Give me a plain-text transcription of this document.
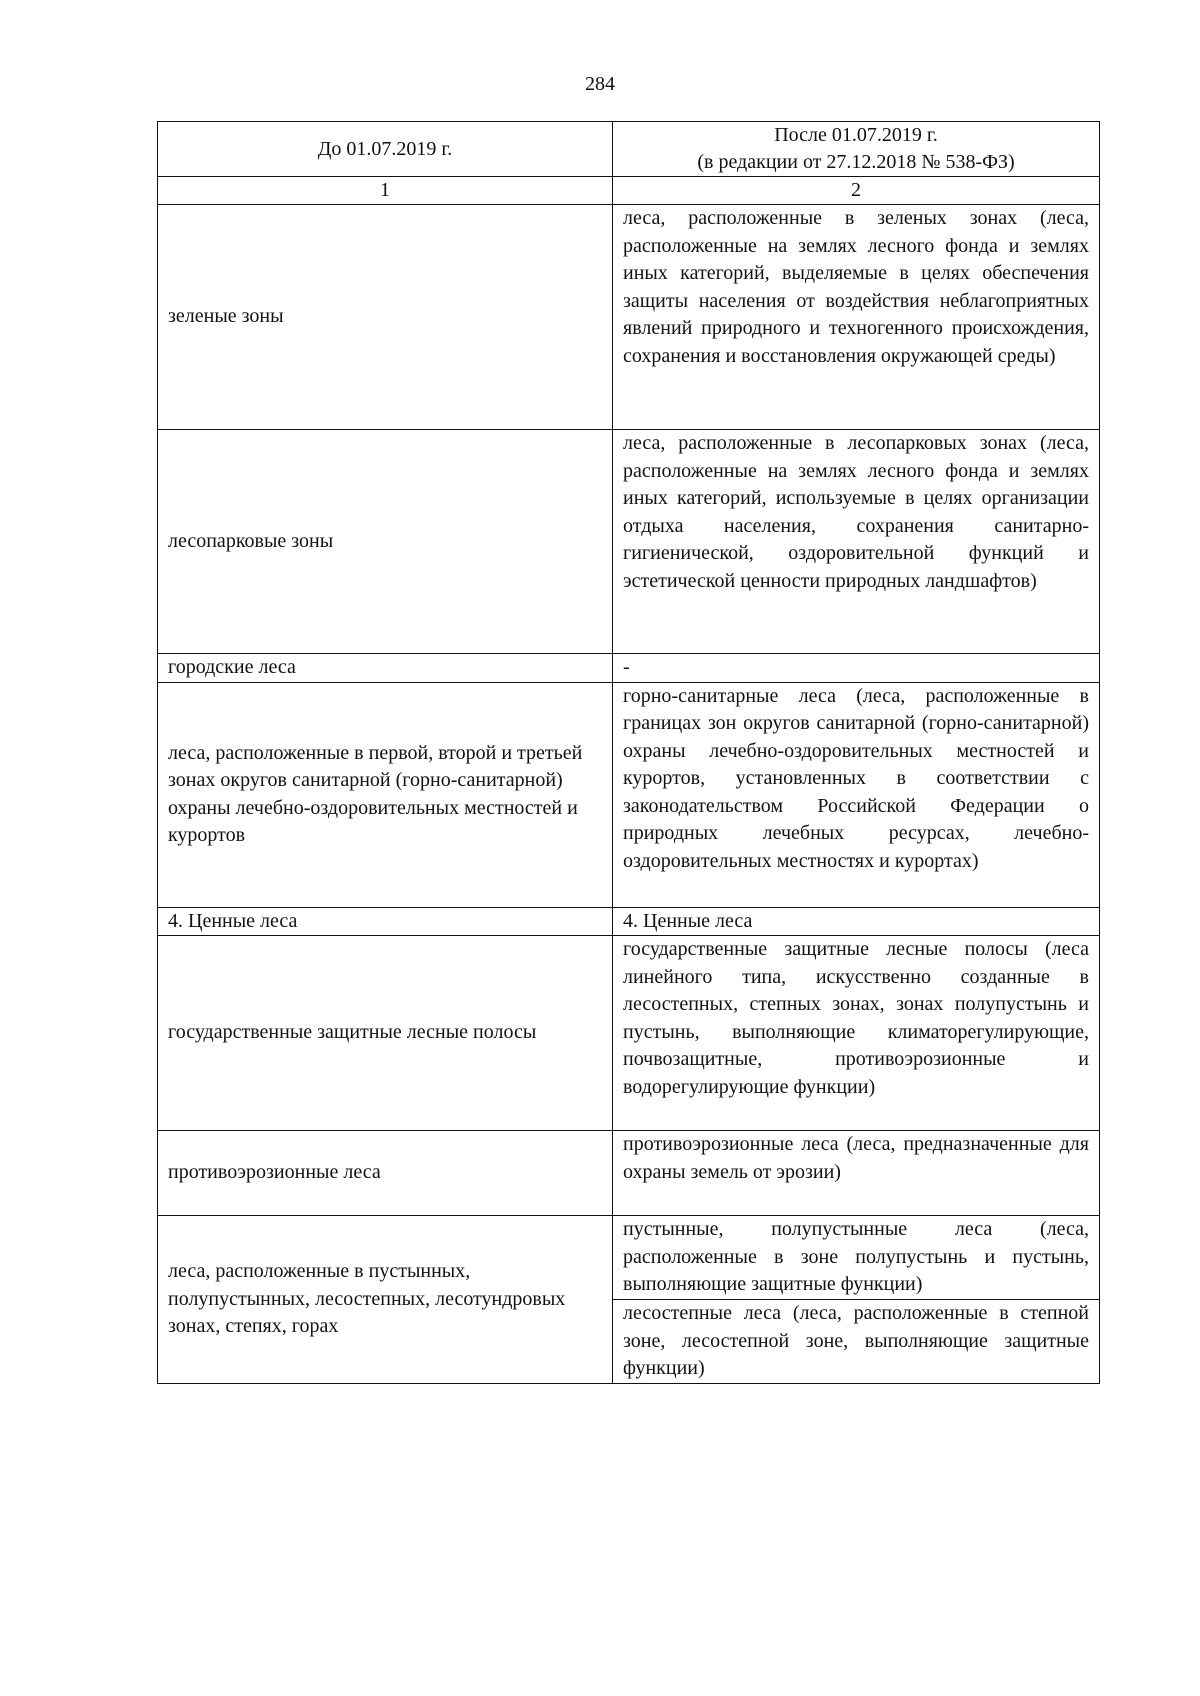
284
До 01.07.2019 г.	После 01.07.2019 г.
(в редакции от 27.12.2018 № 538-ФЗ)

1	2
зеленые зоны	леса, расположенные в зеленых зонах (леса, расположенные на землях лесного фонда и землях иных категорий, выделяемые в целях обеспечения защиты населения от воздействия неблагоприятных явлений природного и техногенного происхождения, сохранения и восстановления окружающей среды)
лесопарковые зоны	леса, расположенные в лесопарковых зонах (леса, расположенные на землях лесного фонда и землях иных категорий, используемые в целях организации отдыха населения, сохранения санитарно-гигиенической, оздоровительной функций и эстетической ценности природных ландшафтов)
городские леса	-
леса, расположенные в первой, второй и третьей зонах округов санитарной (горно-санитарной) охраны лечебно-оздоровительных местностей и курортов	горно-санитарные леса (леса, расположенные в границах зон округов санитарной (горно-санитарной) охраны лечебно-оздоровительных местностей и курортов, установленных в соответствии с законодательством Российской Федерации о природных лечебных ресурсах, лечебно-оздоровительных местностях и курортах)
4. Ценные леса	4. Ценные леса
государственные защитные лесные полосы	государственные защитные лесные полосы (леса линейного типа, искусственно созданные в лесостепных, степных зонах, зонах полупустынь и пустынь, выполняющие климаторегулирующие, почвозащитные, противоэрозионные и водорегулирующие функции)
противоэрозионные леса	противоэрозионные леса (леса, предназначенные для охраны земель от эрозии)
леса, расположенные в пустынных, полупустынных, лесостепных, лесотундровых зонах, степях, горах	пустынные, полупустынные леса (леса, расположенные в зоне полупустынь и пустынь, выполняющие защитные функции)
	лесостепные леса (леса, расположенные в степной зоне, лесостепной зоне, выполняющие защитные функции)
